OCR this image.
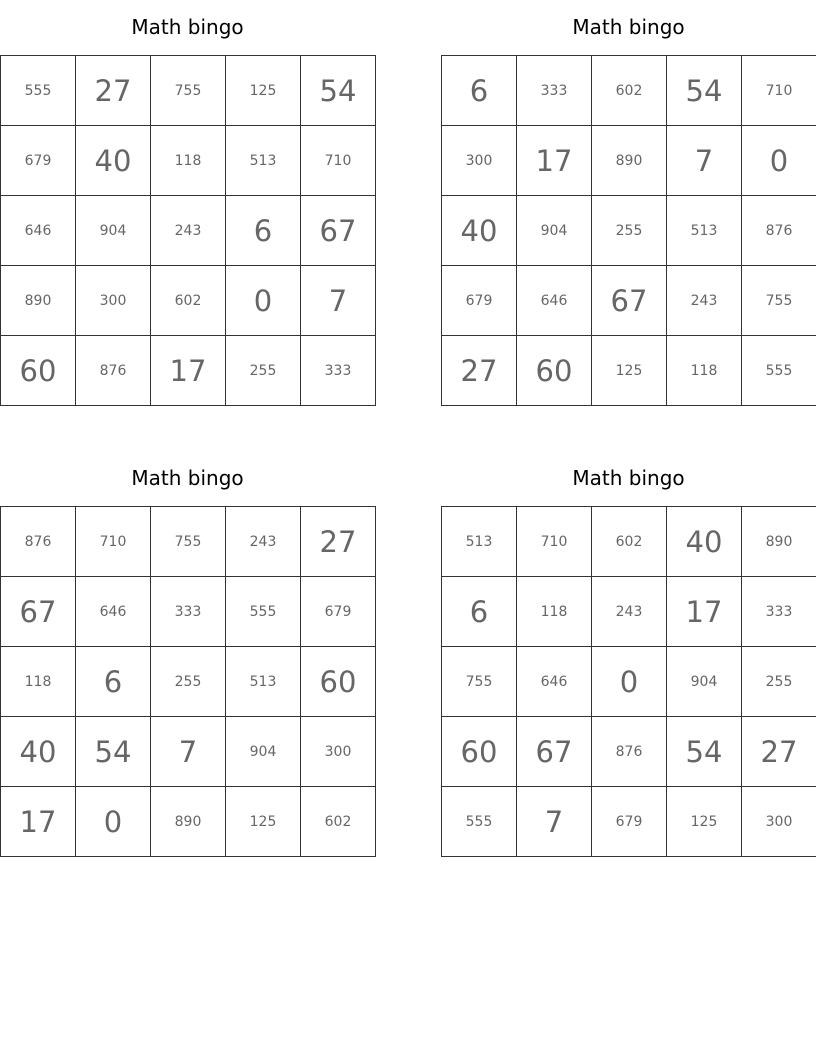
Math bingo
555	27	755	125	54
679	40	118	513	710
646	904	243	6	67
890	300	602	0	7
60	876	17	255	333
Math bingo
6	333	602	54	710
300	17	890	7	0
40	904	255	513	876
679	646	67	243	755
27	60	125	118	555
Math bingo
876	710	755	243	27
67	646	333	555	679
118	6	255	513	60
40	54	7	904	300
17	0	890	125	602
Math bingo
513	710	602	40	890
6	118	243	17	333
755	646	0	904	255
60	67	876	54	27
555	7	679	125	300
